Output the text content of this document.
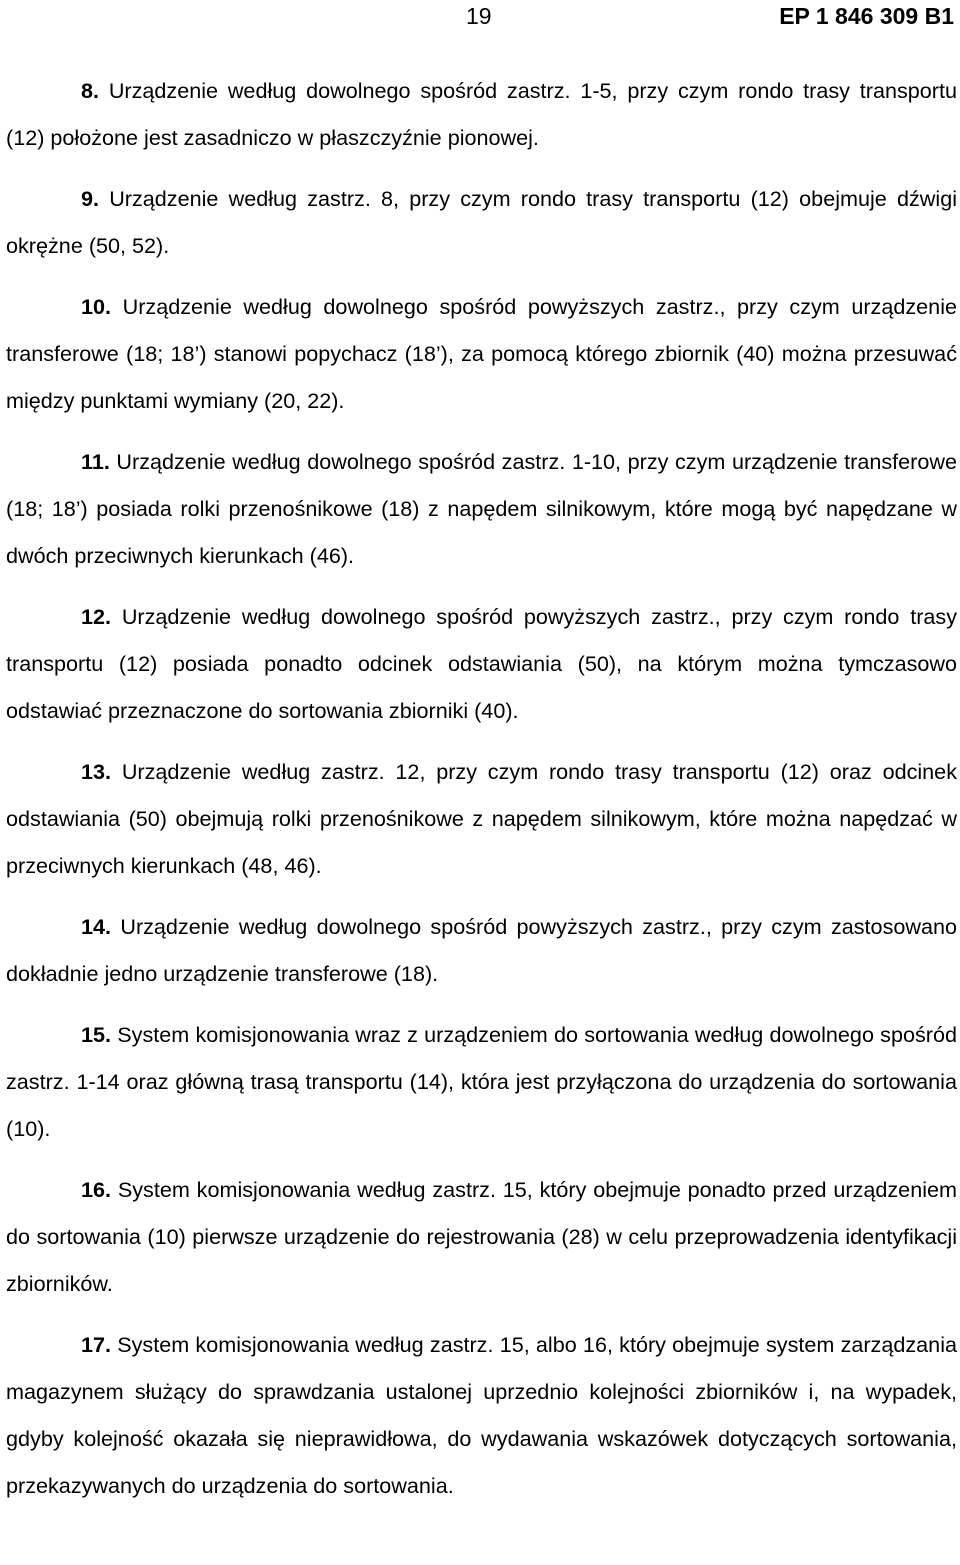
19	EP 1 846 309 B1

8. Urządzenie według dowolnego spośród zastrz. 1-5, przy czym rondo trasy transportu (12) położone jest zasadniczo w płaszczyźnie pionowej.

9. Urządzenie według zastrz. 8, przy czym rondo trasy transportu (12) obejmuje dźwigi okrężne (50, 52).

10. Urządzenie według dowolnego spośród powyższych zastrz., przy czym urządzenie transferowe (18; 18’) stanowi popychacz (18’), za pomocą którego zbiornik (40) można przesuwać między punktami wymiany (20, 22).

11. Urządzenie według dowolnego spośród zastrz. 1-10, przy czym urządzenie transferowe (18; 18’) posiada rolki przenośnikowe (18) z napędem silnikowym, które mogą być napędzane w dwóch przeciwnych kierunkach (46).

12. Urządzenie według dowolnego spośród powyższych zastrz., przy czym rondo trasy transportu (12) posiada ponadto odcinek odstawiania (50), na którym można tymczasowo odstawiać przeznaczone do sortowania zbiorniki (40).

13. Urządzenie według zastrz. 12, przy czym rondo trasy transportu (12) oraz odcinek odstawiania (50) obejmują rolki przenośnikowe z napędem silnikowym, które można napędzać w przeciwnych kierunkach (48, 46).

14. Urządzenie według dowolnego spośród powyższych zastrz., przy czym zastosowano dokładnie jedno urządzenie transferowe (18).

15. System komisjonowania wraz z urządzeniem do sortowania według dowolnego spośród zastrz. 1-14 oraz główną trasą transportu (14), która jest przyłączona do urządzenia do sortowania (10).

16. System komisjonowania według zastrz. 15, który obejmuje ponadto przed urządzeniem do sortowania (10) pierwsze urządzenie do rejestrowania (28) w celu przeprowadzenia identyfikacji zbiorników.

17. System komisjonowania według zastrz. 15, albo 16, który obejmuje system zarządzania magazynem służący do sprawdzania ustalonej uprzednio kolejności zbiorników i, na wypadek, gdyby kolejność okazała się nieprawidłowa, do wydawania wskazówek dotyczących sortowania, przekazywanych do urządzenia do sortowania.
